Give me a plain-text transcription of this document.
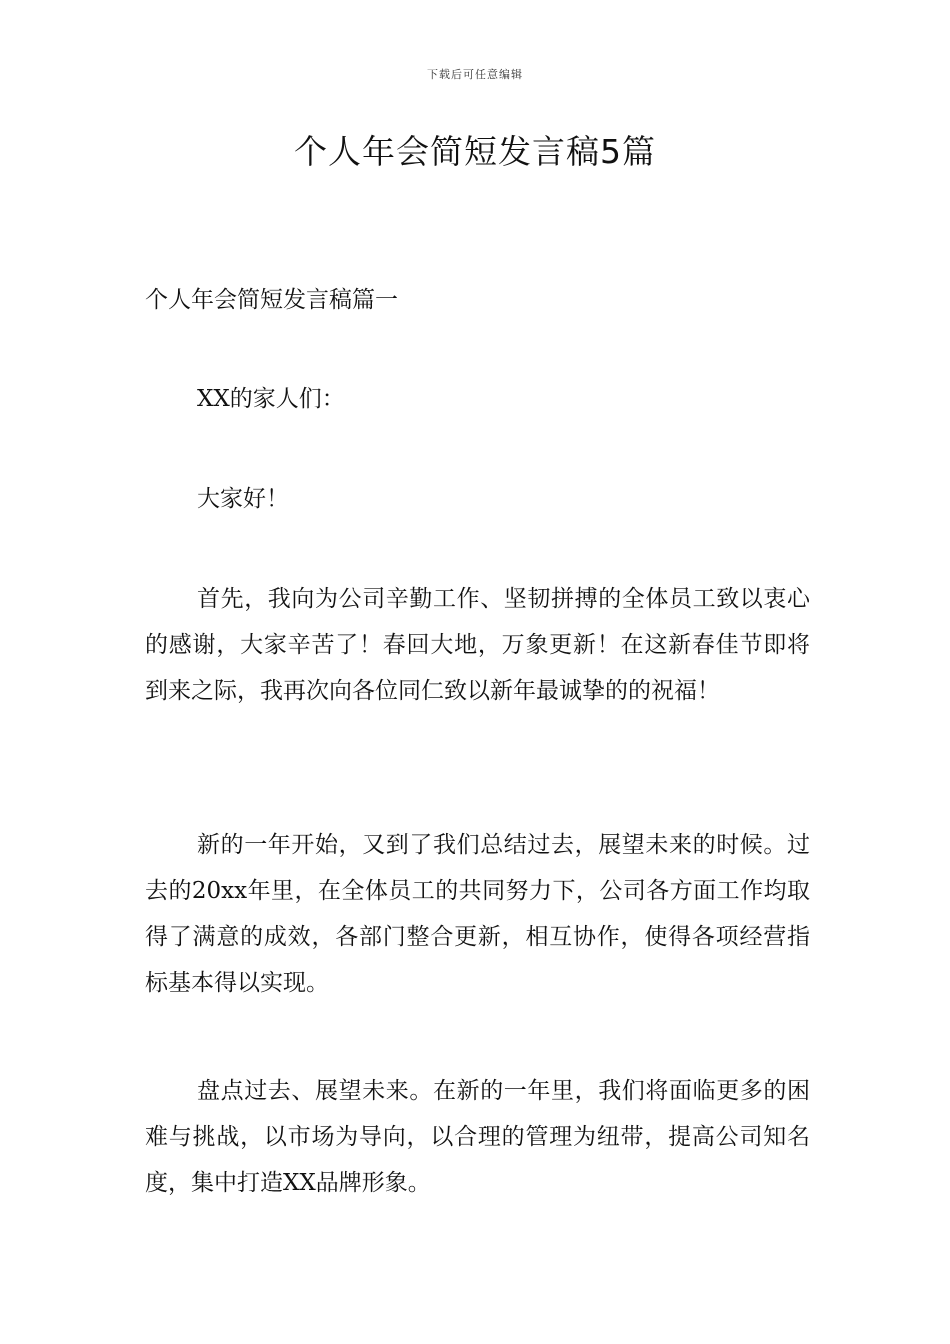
下载后可任意编辑
个人年会简短发言稿5篇
个人年会简短发言稿篇一

XX的家人们：

大家好！

首先，我向为公司辛勤工作、坚韧拼搏的全体员工致以衷心的感谢，大家辛苦了！春回大地，万象更新！在这新春佳节即将到来之际，我再次向各位同仁致以新年最诚挚的的祝福！

新的一年开始，又到了我们总结过去，展望未来的时候。过去的20xx年里，在全体员工的共同努力下，公司各方面工作均取得了满意的成效，各部门整合更新，相互协作，使得各项经营指标基本得以实现。

盘点过去、展望未来。在新的一年里，我们将面临更多的困难与挑战，以市场为导向，以合理的管理为纽带，提高公司知名度，集中打造XX品牌形象。
